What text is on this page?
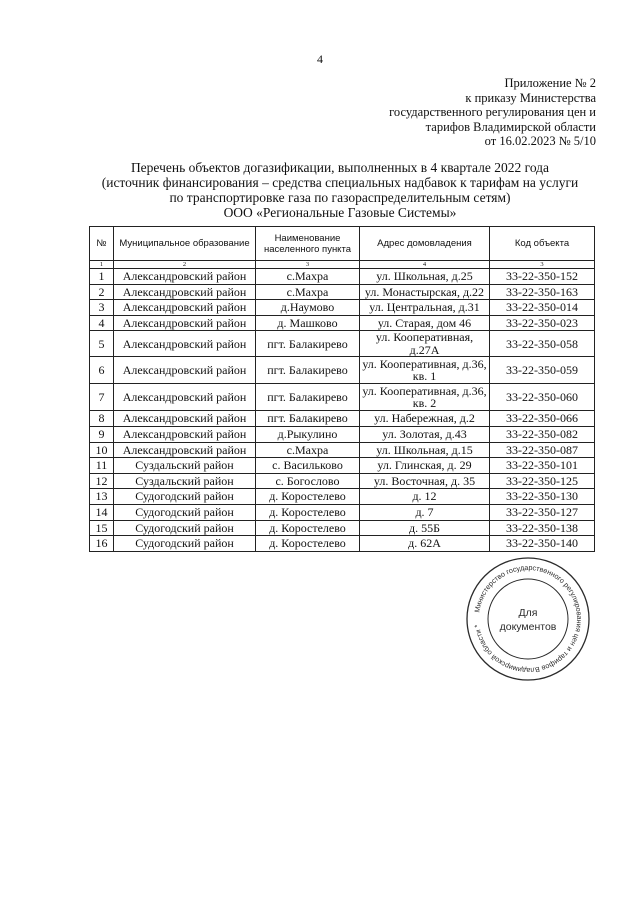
4
Приложение № 2
к приказу Министерства
государственного регулирования цен и
тарифов Владимирской области
от 16.02.2023 № 5/10
Перечень объектов догазификации, выполненных в 4 квартале 2022 года
(источник финансирования – средства специальных надбавок к тарифам на услуги
по транспортировке газа по газораспределительным сетям)
ООО «Региональные Газовые Системы»
№	Муниципальное образование	Наименование населенного пункта	Адрес домовладения	Код объекта
1	2	3	4	3
1	Александровский район	с.Махра	ул. Школьная, д.25	33-22-350-152
2	Александровский район	с.Махра	ул. Монастырская, д.22	33-22-350-163
3	Александровский район	д.Наумово	ул. Центральная, д.31	33-22-350-014
4	Александровский район	д. Машково	ул. Старая, дом 46	33-22-350-023
5	Александровский район	пгт. Балакирево	ул. Кооперативная, д.27А	33-22-350-058
6	Александровский район	пгт. Балакирево	ул. Кооперативная, д.36, кв. 1	33-22-350-059
7	Александровский район	пгт. Балакирево	ул. Кооперативная, д.36, кв. 2	33-22-350-060
8	Александровский район	пгт. Балакирево	ул. Набережная, д.2	33-22-350-066
9	Александровский район	д.Рыкулино	ул. Золотая, д.43	33-22-350-082
10	Александровский район	с.Махра	ул. Школьная, д.15	33-22-350-087
11	Суздальский район	с. Васильково	ул. Глинская, д. 29	33-22-350-101
12	Суздальский район	с. Богослово	ул. Восточная, д. 35	33-22-350-125
13	Судогодский район	д. Коростелево	д. 12	33-22-350-130
14	Судогодский район	д. Коростелево	д. 7	33-22-350-127
15	Судогодский район	д. Коростелево	д. 55Б	33-22-350-138
16	Судогодский район	д. Коростелево	д. 62А	33-22-350-140
Министерство государственного регулирования цен и тарифов Владимирской области *
Для
документов
